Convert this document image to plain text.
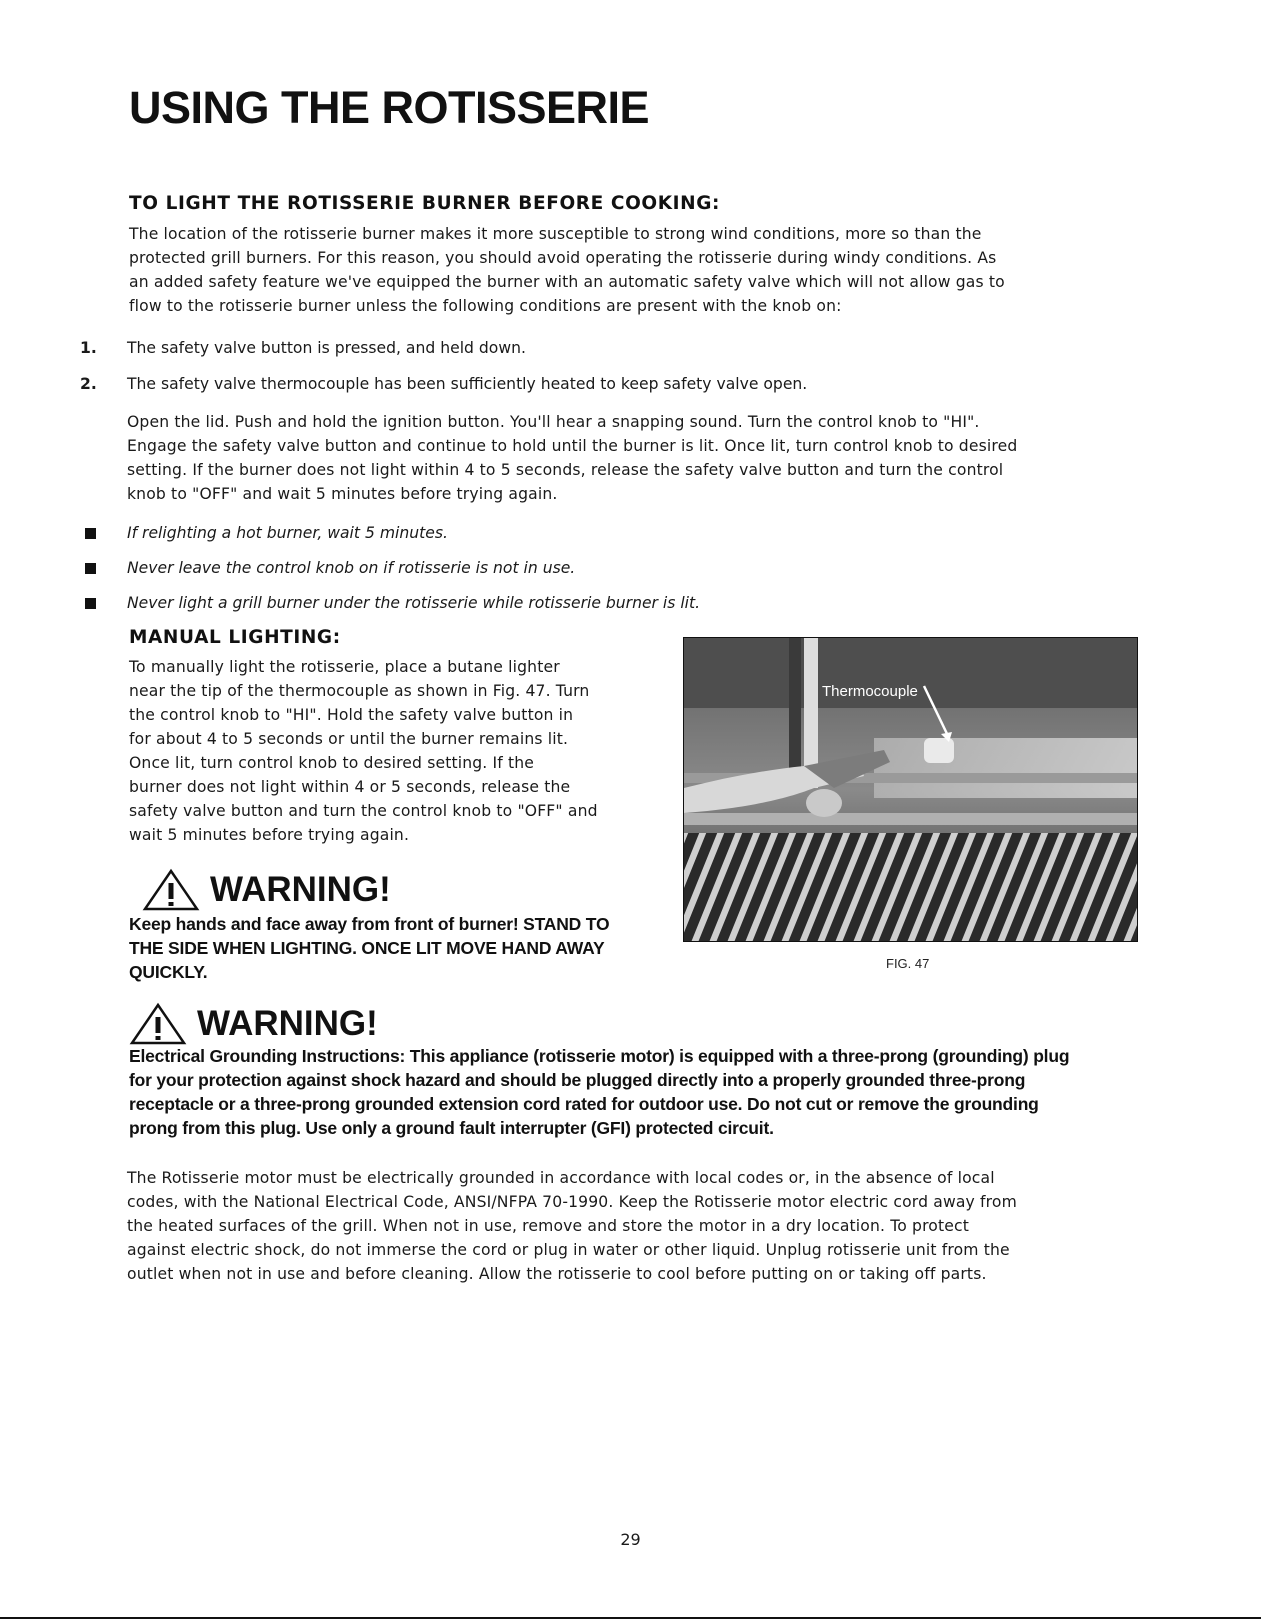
USING THE ROTISSERIE
TO LIGHT THE ROTISSERIE BURNER BEFORE COOKING:
The location of the rotisserie burner makes it more susceptible to strong wind conditions, more so than the
protected grill burners. For this reason, you should avoid operating the rotisserie during windy conditions. As
an added safety feature we've equipped the burner with an automatic safety valve which will not allow gas to
flow to the rotisserie burner unless the following conditions are present with the knob on:
1. The safety valve button is pressed, and held down.
2. The safety valve thermocouple has been sufficiently heated to keep safety valve open.
Open the lid. Push and hold the ignition button. You'll hear a snapping sound. Turn the control knob to "HI".
Engage the safety valve button and continue to hold until the burner is lit. Once lit, turn control knob to desired
setting. If the burner does not light within 4 to 5 seconds, release the safety valve button and turn the control
knob to "OFF" and wait 5 minutes before trying again.
If relighting a hot burner, wait 5 minutes.
Never leave the control knob on if rotisserie is not in use.
Never light a grill burner under the rotisserie while rotisserie burner is lit.
MANUAL LIGHTING:
To manually light the rotisserie, place a butane lighter
near the tip of the thermocouple as shown in Fig. 47. Turn
the control knob to "HI". Hold the safety valve button in
for about 4 to 5 seconds or until the burner remains lit.
Once lit, turn control knob to desired setting. If the
burner does not light within 4 or 5 seconds, release the
safety valve button and turn the control knob to "OFF" and
wait 5 minutes before trying again.
WARNING!
Keep hands and face away from front of burner! STAND TO
THE SIDE WHEN LIGHTING. ONCE LIT MOVE HAND AWAY
QUICKLY.
Thermocouple
FIG. 47
WARNING!
Electrical Grounding Instructions: This appliance (rotisserie motor) is equipped with a three-prong (grounding) plug
for your protection against shock hazard and should be plugged directly into a properly grounded three-prong
receptacle or a three-prong grounded extension cord rated for outdoor use. Do not cut or remove the grounding
prong from this plug. Use only a ground fault interrupter (GFI) protected circuit.
The Rotisserie motor must be electrically grounded in accordance with local codes or, in the absence of local
codes, with the National Electrical Code, ANSI/NFPA 70-1990. Keep the Rotisserie motor electric cord away from
the heated surfaces of the grill. When not in use, remove and store the motor in a dry location. To protect
against electric shock, do not immerse the cord or plug in water or other liquid. Unplug rotisserie unit from the
outlet when not in use and before cleaning. Allow the rotisserie to cool before putting on or taking off parts.
29
